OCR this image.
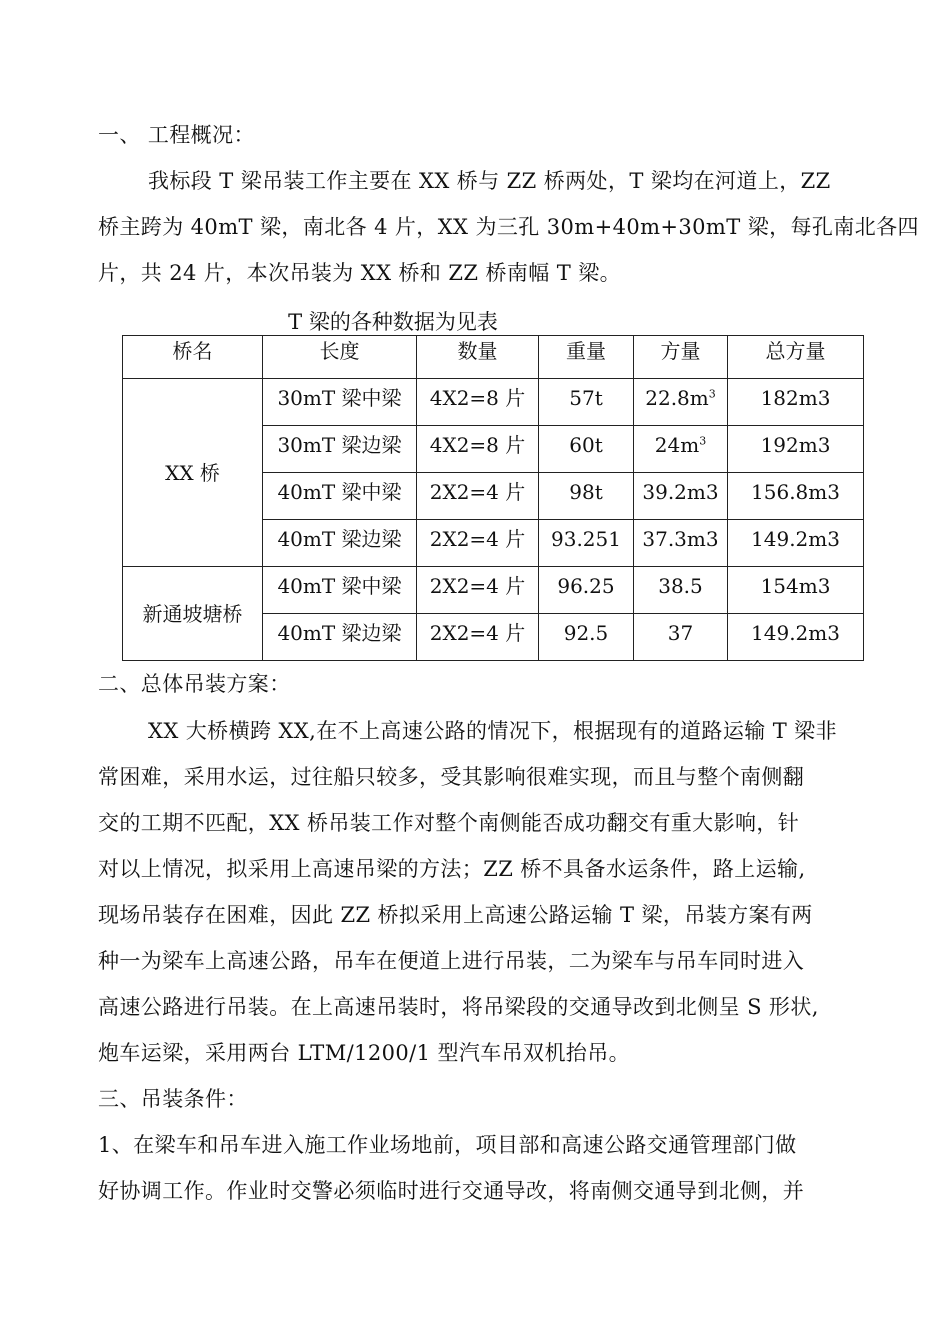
一、 工程概况：
我标段 T 梁吊装工作主要在 XX 桥与 ZZ 桥两处，T 梁均在河道上，ZZ
桥主跨为 40mT 梁，南北各 4 片，XX 为三孔 30m+40m+30mT 梁，每孔南北各四
片，共 24 片，本次吊装为 XX 桥和 ZZ 桥南幅 T 梁。
T 梁的各种数据为见表
桥名	长度	数量	重量	方量	总方量
XX 桥	30mT 梁中梁	4X2=8 片	57t	$22.8m^3$	182m3
	30mT 梁边梁	4X2=8 片	60t	$24m^3$	192m3
	40mT 梁中梁	2X2=4 片	98t	39.2m3	156.8m3
	40mT 梁边梁	2X2=4 片	93.251	37.3m3	149.2m3
新通坡塘桥	40mT 梁中梁	2X2=4 片	96.25	38.5	154m3
	40mT 梁边梁	2X2=4 片	92.5	37	149.2m3
二、总体吊装方案：
XX 大桥横跨 XX,在不上高速公路的情况下，根据现有的道路运输 T 梁非
常困难，采用水运，过往船只较多，受其影响很难实现，而且与整个南侧翻
交的工期不匹配，XX 桥吊装工作对整个南侧能否成功翻交有重大影响，针
对以上情况，拟采用上高速吊梁的方法；ZZ 桥不具备水运条件，路上运输,
现场吊装存在困难，因此 ZZ 桥拟采用上高速公路运输 T 梁，吊装方案有两
种一为梁车上高速公路，吊车在便道上进行吊装，二为梁车与吊车同时进入
高速公路进行吊装。在上高速吊装时，将吊梁段的交通导改到北侧呈 S 形状,
炮车运梁，采用两台 LTM/1200/1 型汽车吊双机抬吊。
三、吊装条件：
1、在梁车和吊车进入施工作业场地前，项目部和高速公路交通管理部门做
好协调工作。作业时交警必须临时进行交通导改，将南侧交通导到北侧，并
